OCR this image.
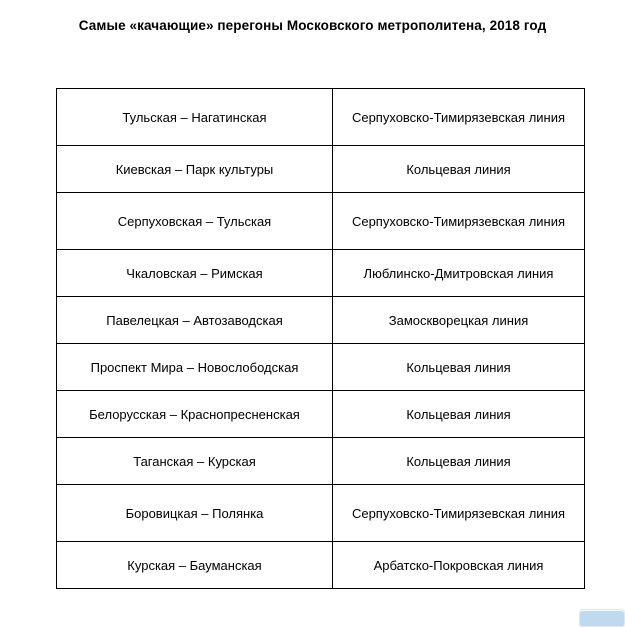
Самые «качающие» перегоны Московского метрополитена, 2018 год
Тульская – Нагатинская	Серпуховско-Тимирязевская линия
Киевская – Парк культуры	Кольцевая линия
Серпуховская – Тульская	Серпуховско-Тимирязевская линия
Чкаловская – Римская	Люблинско-Дмитровская линия
Павелецкая – Автозаводская	Замоскворецкая линия
Проспект Мира – Новослободская	Кольцевая линия
Белорусская – Краснопресненская	Кольцевая линия
Таганская – Курская	Кольцевая линия
Боровицкая – Полянка	Серпуховско-Тимирязевская линия
Курская – Бауманская	Арбатско-Покровская линия
